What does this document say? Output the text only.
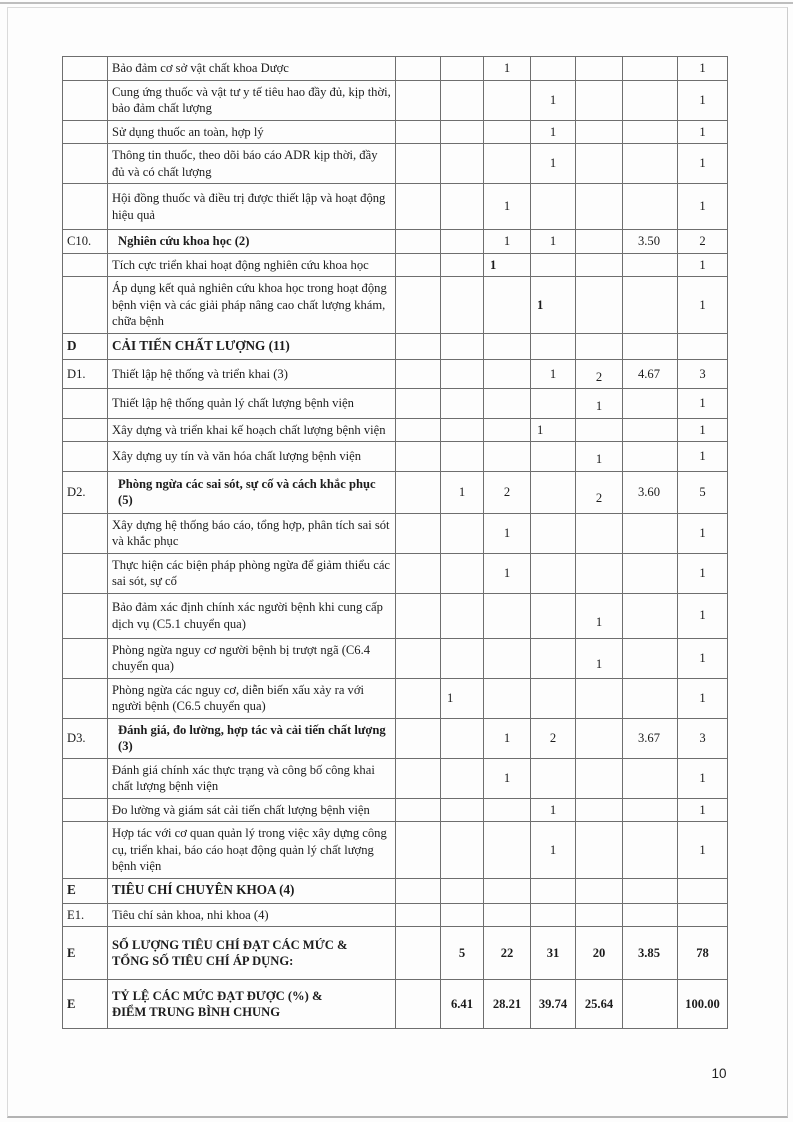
	Bảo đảm cơ sở vật chất khoa Dược			1				1
	Cung ứng thuốc và vật tư y tế tiêu hao đầy đủ, kịp thời, bảo đảm chất lượng				1			1
	Sử dụng thuốc an toàn, hợp lý				1			1
	Thông tin thuốc, theo dõi báo cáo ADR kịp thời, đầy đủ và có chất lượng				1			1
	Hội đồng thuốc và điều trị được thiết lập và hoạt động hiệu quả			1				1
C10.	Nghiên cứu khoa học (2)			1	1		3.50	2
	Tích cực triển khai hoạt động nghiên cứu khoa học			1				1
	Áp dụng kết quả nghiên cứu khoa học trong hoạt động bệnh viện và các giải pháp nâng cao chất lượng khám, chữa bệnh				1			1
D	CẢI TIẾN CHẤT LƯỢNG (11)							
D1.	Thiết lập hệ thống và triển khai (3)				1	2	4.67	3
	Thiết lập hệ thống quản lý chất lượng bệnh viện					1		1
	Xây dựng và triển khai kế hoạch chất lượng bệnh viện				1			1
	Xây dựng uy tín và văn hóa chất lượng bệnh viện					1		1
D2.	Phòng ngừa các sai sót, sự cố và cách khắc phục (5)		1	2		2	3.60	5
	Xây dựng hệ thống báo cáo, tổng hợp, phân tích sai sót và khắc phục			1				1
	Thực hiện các biện pháp phòng ngừa để giảm thiểu các sai sót, sự cố			1				1
	Bảo đảm xác định chính xác người bệnh khi cung cấp dịch vụ (C5.1 chuyển qua)					1		1
	Phòng ngừa nguy cơ người bệnh bị trượt ngã (C6.4 chuyển qua)					1		1
	Phòng ngừa các nguy cơ, diễn biến xấu xảy ra với người bệnh (C6.5 chuyển qua)		1					1
D3.	Đánh giá, đo lường, hợp tác và cải tiến chất lượng (3)			1	2		3.67	3
	Đánh giá chính xác thực trạng và công bố công khai chất lượng bệnh viện			1				1
	Đo lường và giám sát cải tiến chất lượng bệnh viện				1			1
	Hợp tác với cơ quan quản lý trong việc xây dựng công cụ, triển khai, báo cáo hoạt động quản lý chất lượng bệnh viện				1			1
E	TIÊU CHÍ CHUYÊN KHOA (4)							
E1.	Tiêu chí sản khoa, nhi khoa (4)							
E	SỐ LƯỢNG TIÊU CHÍ ĐẠT CÁC MỨC &
TỔNG SỐ TIÊU CHÍ ÁP DỤNG:		5	22	31	20	3.85	78
E	TỶ LỆ CÁC MỨC ĐẠT ĐƯỢC (%) &
ĐIỂM TRUNG BÌNH CHUNG		6.41	28.21	39.74	25.64		100.00
10
